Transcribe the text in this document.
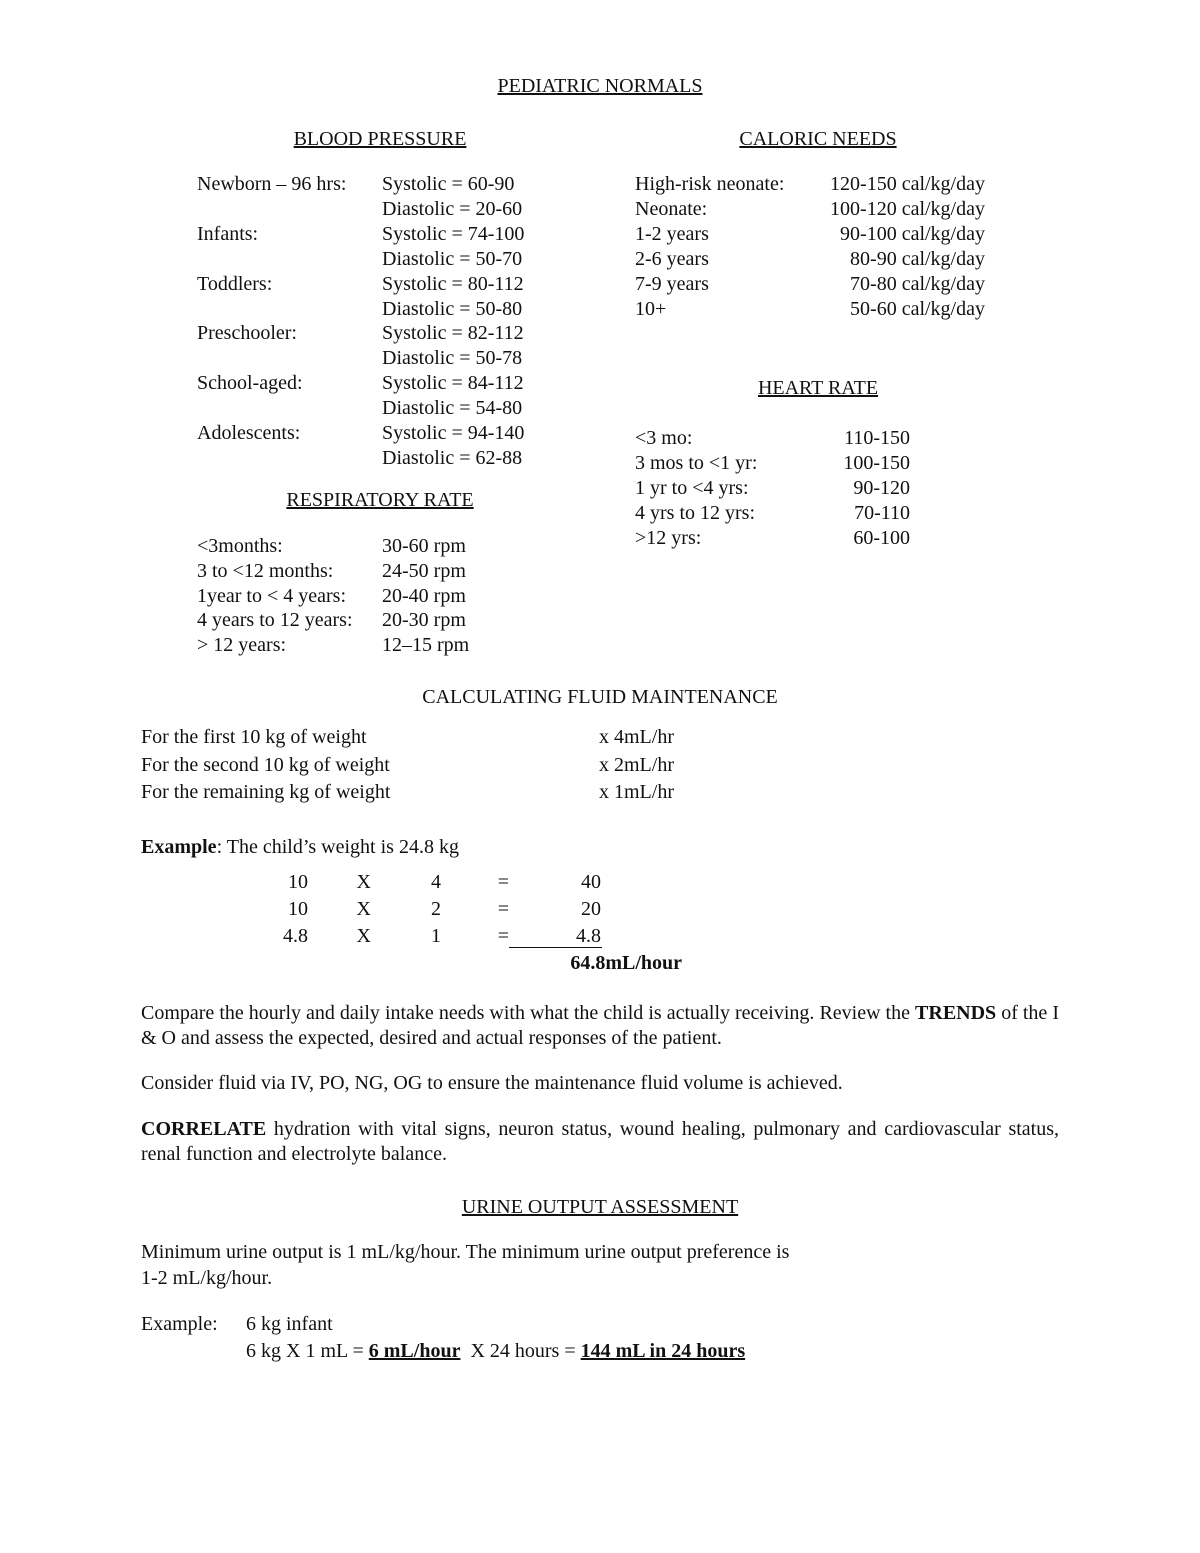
PEDIATRIC NORMALS
BLOOD PRESSURE
Newborn – 96 hrs: Systolic = 60-90
Diastolic = 20-60
Infants:	Systolic = 74-100
Diastolic = 50-70
Toddlers:	Systolic = 80-112
Diastolic = 50-80
Preschooler:	Systolic = 82-112
Diastolic = 50-78
School-aged:	Systolic = 84-112
Diastolic = 54-80
Adolescents:	Systolic = 94-140
Diastolic = 62-88
CALORIC NEEDS
High-risk neonate:	120-150 cal/kg/day
Neonate:	100-120 cal/kg/day
1-2 years	90-100 cal/kg/day
2-6 years	80-90 cal/kg/day
7-9 years	70-80 cal/kg/day
10+	50-60 cal/kg/day
HEART RATE
<3 mo:	110-150
3 mos to <1 yr:	100-150
1 yr to <4 yrs:	90-120
4 yrs to 12 yrs:	70-110
>12 yrs:	60-100
RESPIRATORY RATE
<3months:	30-60 rpm
3 to <12 months: 24-50 rpm
1year to < 4 years: 20-40 rpm
4 years to 12 years: 20-30 rpm
> 12 years:	12–15 rpm
CALCULATING FLUID MAINTENANCE
For the first 10 kg of weight	x 4mL/hr
For the second 10 kg of weight	x 2mL/hr
For the remaining kg of weight	x 1mL/hr
Example: The child’s weight is 24.8 kg
10	X	4	=	40
10	X	2	=	20
4.8	X	1	=	4.8
64.8mL/hour
Compare the hourly and daily intake needs with what the child is actually receiving. Review the TRENDS of the I & O and assess the expected, desired and actual responses of the patient.
Consider fluid via IV, PO, NG, OG to ensure the maintenance fluid volume is achieved.
CORRELATE hydration with vital signs, neuron status, wound healing, pulmonary and cardiovascular status, renal function and electrolyte balance.
URINE OUTPUT ASSESSMENT
Minimum urine output is 1 mL/kg/hour. The minimum urine output preference is
1-2 mL/kg/hour.
Example: 6 kg infant
6 kg X 1 mL = 6 mL/hour  X 24 hours = 144 mL in 24 hours
